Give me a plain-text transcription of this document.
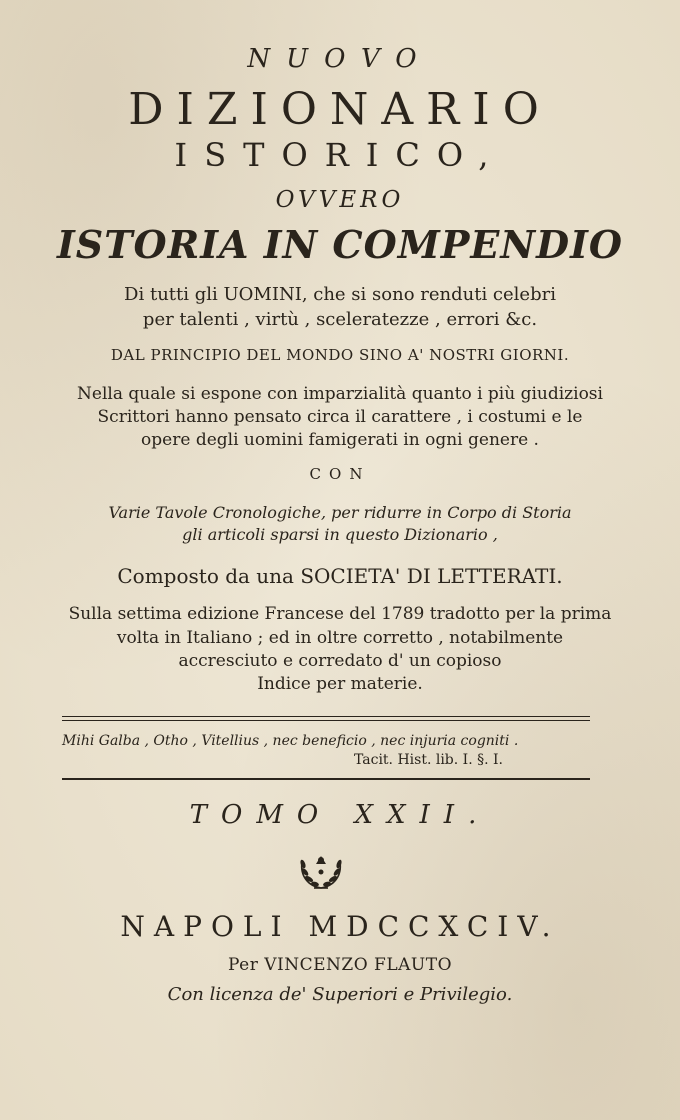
NUOVO
DIZIONARIO
ISTORICO,
OVVERO
ISTORIA IN COMPENDIO
Di tutti gli UOMINI, che si sono renduti celebri
per talenti , virtù , sceleratezze , errori &c.
DAL PRINCIPIO DEL MONDO SINO A' NOSTRI GIORNI.
Nella quale si espone con imparzialità quanto i più giudiziosi
Scrittori hanno pensato circa il carattere , i costumi e le
opere degli uomini famigerati in ogni genere .
CON
Varie Tavole Cronologiche, per ridurre in Corpo di Storia
gli articoli sparsi in questo Dizionario ,
Composto da una SOCIETA' DI LETTERATI.
Sulla settima edizione Francese del 1789 tradotto per la prima
volta in Italiano ; ed in oltre corretto , notabilmente
accresciuto e corredato d' un copioso
Indice per materie.
Mihi Galba , Otho , Vitellius , nec beneficio , nec injuria cogniti .
Tacit. Hist. lib. I. §. I.
TOMO XXII.
NAPOLI MDCCXCIV.
Per VINCENZO FLAUTO
Con licenza de' Superiori e Privilegio.
